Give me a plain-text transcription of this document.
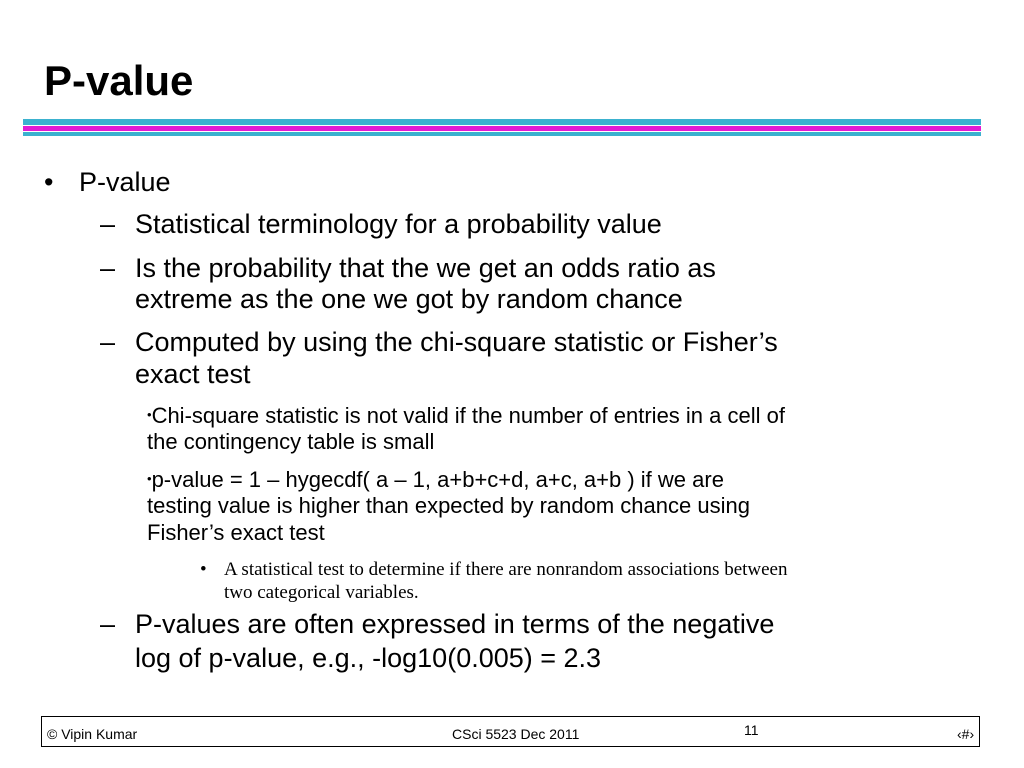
P-value
• P-value
– Statistical terminology for a probability value
– Is the probability that the we get an odds ratio as
extreme as the one we got by random chance
– Computed by using the chi-square statistic or Fisher’s
exact test
•Chi-square statistic is not valid if the number of entries in a cell of
the contingency table is small
•p-value = 1 – hygecdf( a – 1, a+b+c+d, a+c, a+b ) if we are
testing value is higher than expected by random chance using
Fisher’s exact test
• A statistical test to determine if there are nonrandom associations between
two categorical variables.
– P-values are often expressed in terms of the negative
log of p-value, e.g., -log10(0.005) = 2.3
© Vipin Kumar	CSci 5523 Dec 2011	11	‹#›
